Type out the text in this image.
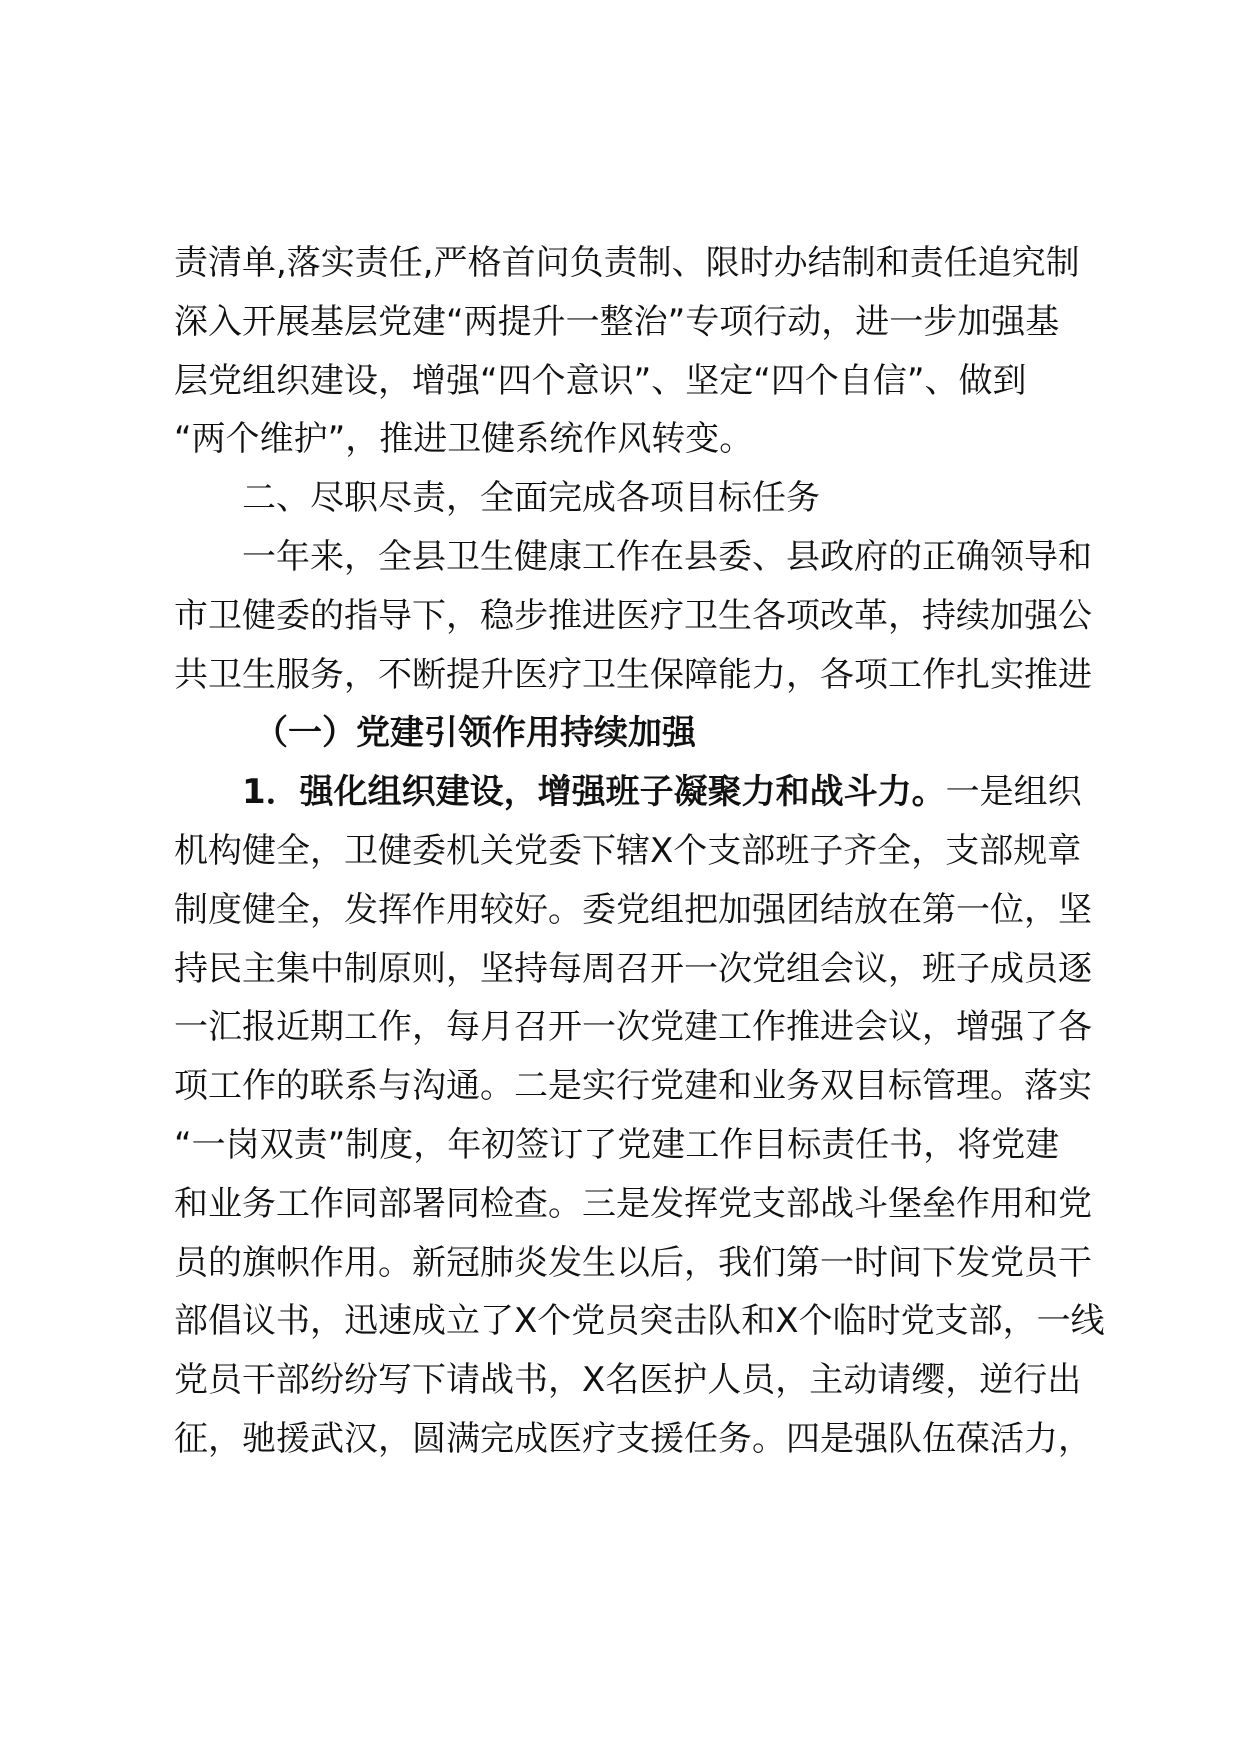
责清单,落实责任,严格首问负责制、限时办结制和责任追究制
深入开展基层党建“两提升一整治”专项行动，进一步加强基
层党组织建设，增强“四个意识”、坚定“四个自信”、做到
“两个维护”，推进卫健系统作风转变。
二、尽职尽责，全面完成各项目标任务
一年来，全县卫生健康工作在县委、县政府的正确领导和
市卫健委的指导下，稳步推进医疗卫生各项改革，持续加强公
共卫生服务，不断提升医疗卫生保障能力，各项工作扎实推进
（一）党建引领作用持续加强
1．强化组织建设，增强班子凝聚力和战斗力。一是组织
机构健全，卫健委机关党委下辖X个支部班子齐全，支部规章
制度健全，发挥作用较好。委党组把加强团结放在第一位，坚
持民主集中制原则，坚持每周召开一次党组会议，班子成员逐
一汇报近期工作，每月召开一次党建工作推进会议，增强了各
项工作的联系与沟通。二是实行党建和业务双目标管理。落实
“一岗双责”制度，年初签订了党建工作目标责任书，将党建
和业务工作同部署同检查。三是发挥党支部战斗堡垒作用和党
员的旗帜作用。新冠肺炎发生以后，我们第一时间下发党员干
部倡议书，迅速成立了X个党员突击队和X个临时党支部，一线
党员干部纷纷写下请战书，X名医护人员，主动请缨，逆行出
征，驰援武汉，圆满完成医疗支援任务。四是强队伍葆活力，
